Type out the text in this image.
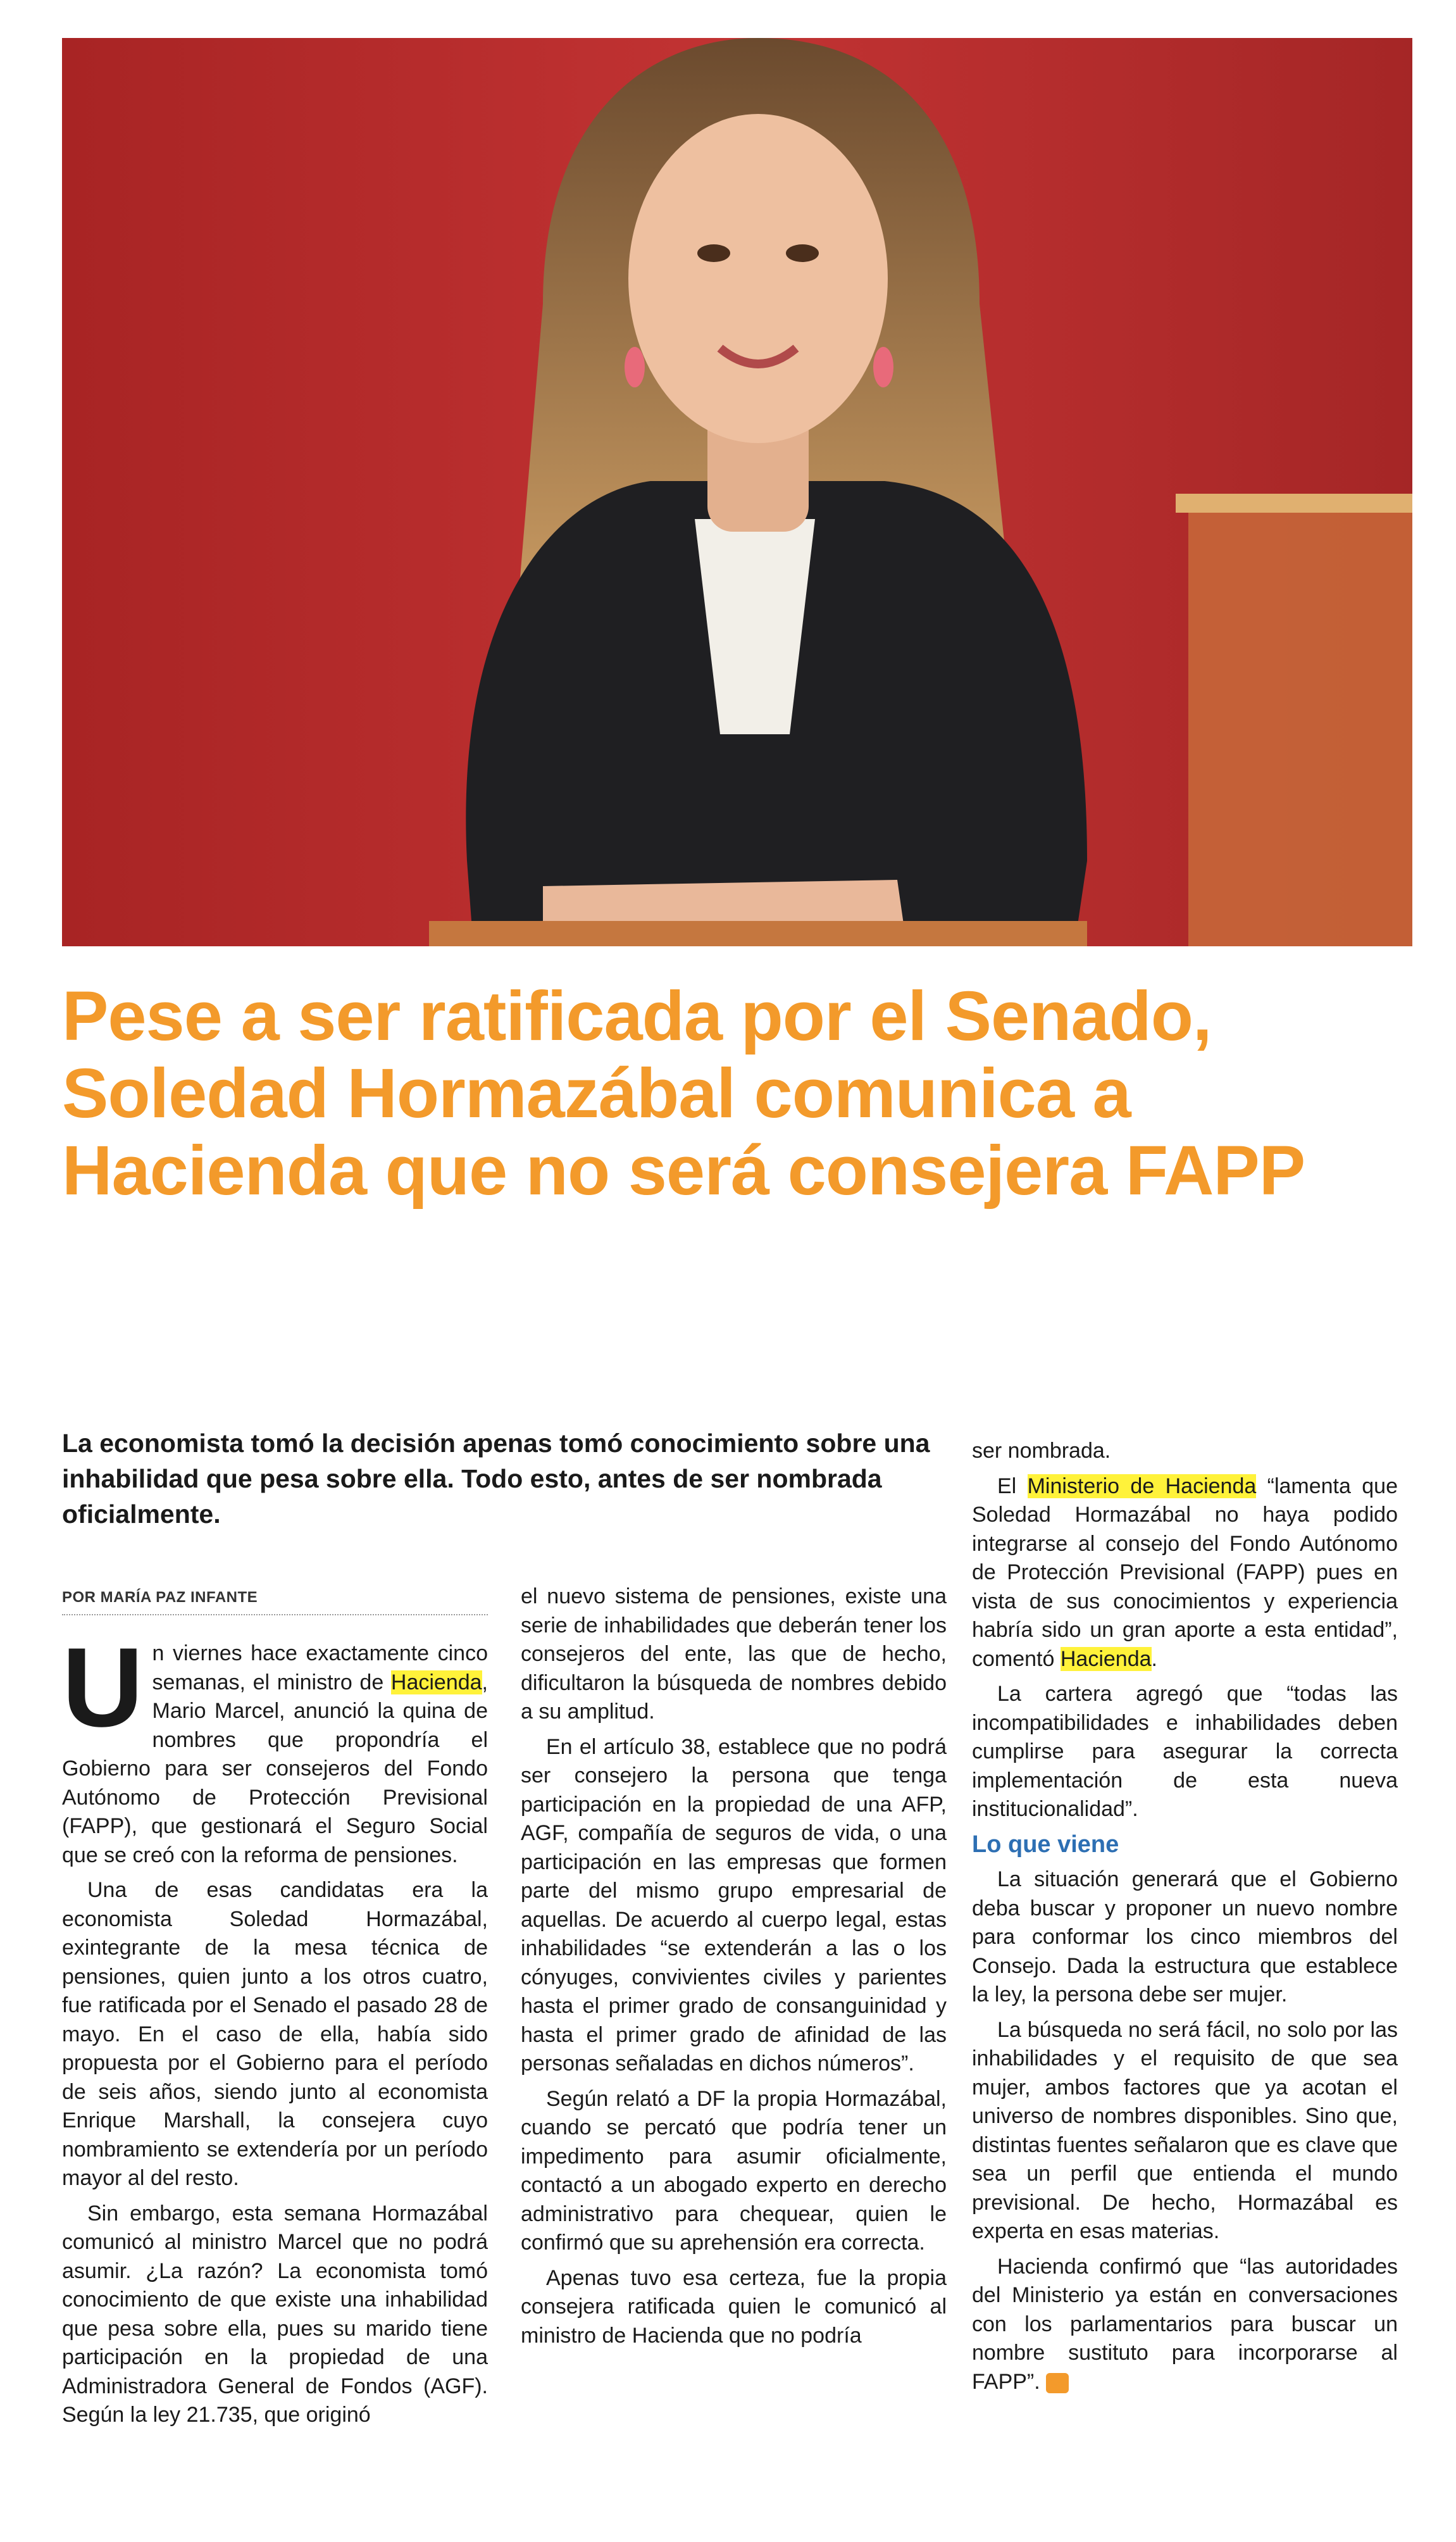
Pese a ser ratificada por el Senado, Soledad Hormazábal comunica a Hacienda que no será consejera FAPP
La economista tomó la decisión apenas tomó conocimiento sobre una inhabilidad que pesa sobre ella. Todo esto, antes de ser nombrada oficialmente.
POR MARÍA PAZ INFANTE

Un viernes hace exactamente cinco semanas, el ministro de Hacienda, Mario Marcel, anunció la quina de nombres que propondría el Gobierno para ser consejeros del Fondo Autónomo de Protección Previsional (FAPP), que gestionará el Seguro Social que se creó con la reforma de pensiones.

Una de esas candidatas era la economista Soledad Hormazábal, exintegrante de la mesa técnica de pensiones, quien junto a los otros cuatro, fue ratificada por el Senado el pasado 28 de mayo. En el caso de ella, había sido propuesta por el Gobierno para el período de seis años, siendo junto al economista Enrique Marshall, la consejera cuyo nombramiento se extendería por un período mayor al del resto.

Sin embargo, esta semana Hormazábal comunicó al ministro Marcel que no podrá asumir. ¿La razón? La economista tomó conocimiento de que existe una inhabilidad que pesa sobre ella, pues su marido tiene participación en la propiedad de una Administradora General de Fondos (AGF). Según la ley 21.735, que originó

el nuevo sistema de pensiones, existe una serie de inhabilidades que deberán tener los consejeros del ente, las que de hecho, dificultaron la búsqueda de nombres debido a su amplitud.

En el artículo 38, establece que no podrá ser consejero la persona que tenga participación en la propiedad de una AFP, AGF, compañía de seguros de vida, o una participación en las empresas que formen parte del mismo grupo empresarial de aquellas. De acuerdo al cuerpo legal, estas inhabilidades “se extenderán a las o los cónyuges, convivientes civiles y parientes hasta el primer grado de consanguinidad y hasta el primer grado de afinidad de las personas señaladas en dichos números”.

Según relató a DF la propia Hormazábal, cuando se percató que podría tener un impedimento para asumir oficialmente, contactó a un abogado experto en derecho administrativo para chequear, quien le confirmó que su aprehensión era correcta.

Apenas tuvo esa certeza, fue la propia consejera ratificada quien le comunicó al ministro de Hacienda que no podría

ser nombrada.

El Ministerio de Hacienda “lamenta que Soledad Hormazábal no haya podido integrarse al consejo del Fondo Autónomo de Protección Previsional (FAPP) pues en vista de sus conocimientos y experiencia habría sido un gran aporte a esta entidad”, comentó Hacienda.

La cartera agregó que “todas las incompatibilidades e inhabilidades deben cumplirse para asegurar la correcta implementación de esta nueva institucionalidad”.

Lo que viene

La situación generará que el Gobierno deba buscar y proponer un nuevo nombre para conformar los cinco miembros del Consejo. Dada la estructura que establece la ley, la persona debe ser mujer.

La búsqueda no será fácil, no solo por las inhabilidades y el requisito de que sea mujer, ambos factores que ya acotan el universo de nombres disponibles. Sino que, distintas fuentes señalaron que es clave que sea un perfil que entienda el mundo previsional. De hecho, Hormazábal es experta en esas materias.

Hacienda confirmó que “las autoridades del Ministerio ya están en conversaciones con los parlamentarios para buscar un nombre sustituto para incorporarse al FAPP”. S
